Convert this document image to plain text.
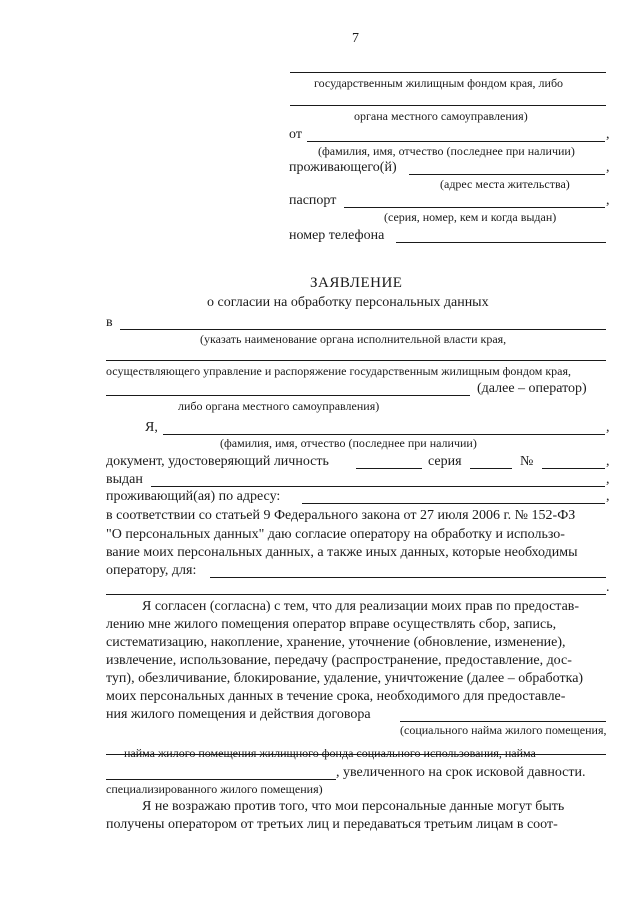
7
государственным жилищным фондом края, либо
органа местного самоуправления)
от	,
(фамилия, имя, отчество (последнее при наличии)
проживающего(й)	,
(адрес места жительства)
паспорт	,
(серия, номер, кем и когда выдан)
номер телефона
ЗАЯВЛЕНИЕ
о согласии на обработку персональных данных
в
(указать наименование органа исполнительной власти края,
осуществляющего управление и распоряжение государственным жилищным фондом края,
(далее – оператор)
либо органа местного самоуправления)
Я,	,
(фамилия, имя, отчество (последнее при наличии)
документ, удостоверяющий личность	серия	№	,
выдан	,
проживающий(ая) по адресу:	,
в соответствии со статьей 9 Федерального закона от 27 июля 2006 г. № 152-ФЗ
"О персональных данных" даю согласие оператору на обработку и использо-
вание моих персональных данных, а также иных данных, которые необходимы
оператору, для:
.
Я согласен (согласна) с тем, что для реализации моих прав по предостав-
лению мне жилого помещения оператор вправе осуществлять сбор, запись,
систематизацию, накопление, хранение, уточнение (обновление, изменение),
извлечение, использование, передачу (распространение, предоставление, дос-
туп), обезличивание, блокирование, удаление, уничтожение (далее – обработка)
моих персональных данных в течение срока, необходимого для предоставле-
ния жилого помещения и действия договора
(социального найма жилого помещения,
найма жилого помещения жилищного фонда социального использования, найма
, увеличенного на срок исковой давности.
специализированного жилого помещения)
Я не возражаю против того, что мои персональные данные могут быть
получены оператором от третьих лиц и передаваться третьим лицам в соот-
